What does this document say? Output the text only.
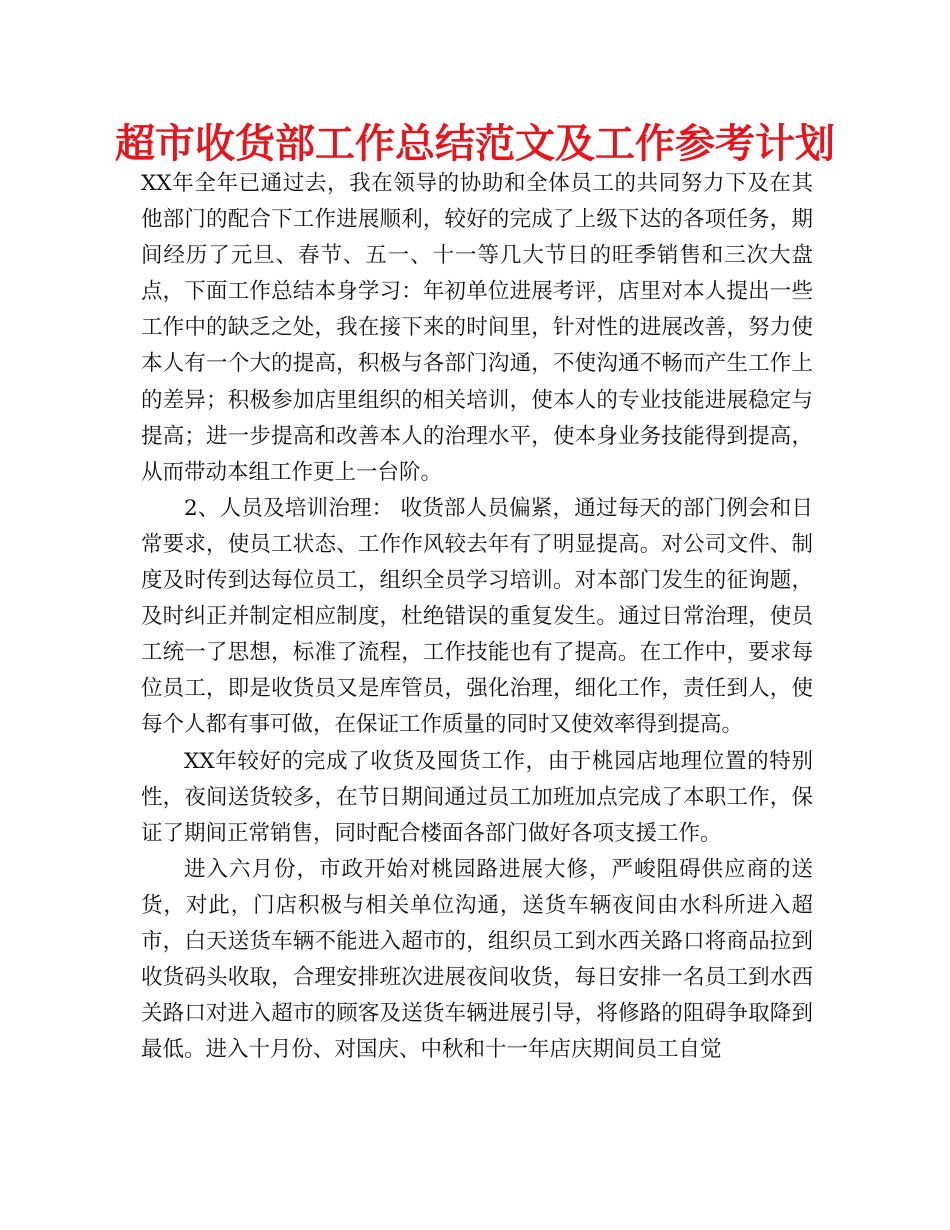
超市收货部工作总结范文及工作参考计划

XX年全年已通过去，我在领导的协助和全体员工的共同努力下及在其他部门的配合下工作进展顺利，较好的完成了上级下达的各项任务，期间经历了元旦、春节、五一、十一等几大节日的旺季销售和三次大盘点，下面工作总结本身学习：年初单位进展考评，店里对本人提出一些工作中的缺乏之处，我在接下来的时间里，针对性的进展改善，努力使本人有一个大的提高，积极与各部门沟通，不使沟通不畅而产生工作上的差异；积极参加店里组织的相关培训，使本人的专业技能进展稳定与提高；进一步提高和改善本人的治理水平，使本身业务技能得到提高，从而带动本组工作更上一台阶。

2、人员及培训治理： 收货部人员偏紧，通过每天的部门例会和日常要求，使员工状态、工作作风较去年有了明显提高。对公司文件、制度及时传到达每位员工，组织全员学习培训。对本部门发生的征询题，及时纠正并制定相应制度，杜绝错误的重复发生。通过日常治理，使员工统一了思想，标准了流程，工作技能也有了提高。在工作中，要求每位员工，即是收货员又是库管员，强化治理，细化工作，责任到人，使每个人都有事可做，在保证工作质量的同时又使效率得到提高。

XX年较好的完成了收货及囤货工作，由于桃园店地理位置的特别性，夜间送货较多，在节日期间通过员工加班加点完成了本职工作，保证了期间正常销售，同时配合楼面各部门做好各项支援工作。

进入六月份，市政开始对桃园路进展大修，严峻阻碍供应商的送货，对此，门店积极与相关单位沟通，送货车辆夜间由水科所进入超市，白天送货车辆不能进入超市的，组织员工到水西关路口将商品拉到收货码头收取，合理安排班次进展夜间收货，每日安排一名员工到水西关路口对进入超市的顾客及送货车辆进展引导，将修路的阻碍争取降到最低。进入十月份、对国庆、中秋和十一年店庆期间员工自觉
